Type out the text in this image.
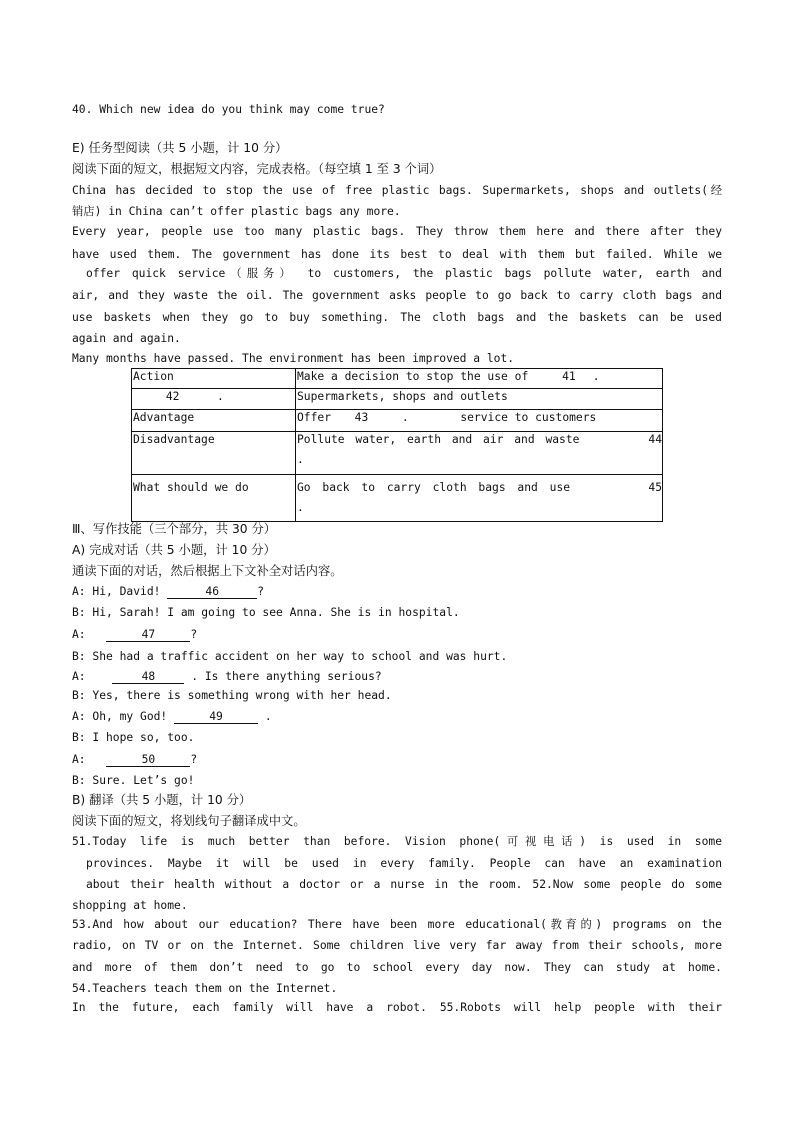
40. Which new idea do you think may come true?
E) 任务型阅读（共 5 小题，计 10 分）
阅读下面的短文，根据短文内容，完成表格。（每空填 1 至 3 个词）
China has decided to stop the use of free plastic bags. Supermarkets, shops and outlets(经
销店) in China can’t offer plastic bags any more.
Every year, people use too many plastic bags. They throw them here and there after they
have used them. The government has done its best to deal with them but failed. While we
offer quick service（服务） to customers, the plastic bags pollute water, earth and
air, and they waste the oil. The government asks people to go back to carry cloth bags and
use baskets when they go to buy something. The cloth bags and the baskets can be used
again and again.
Many months have passed. The environment has been improved a lot.
Action	Make a decision to stop the use of 41 .
42 .	Supermarkets, shops and outlets
Advantage	Offer 43 . service to customers
Disadvantage	Pollute water, earth and air and waste 44
.

What should we do	Go back to carry cloth bags and use 45
.
Ⅲ、写作技能（三个部分，共 30 分）
A) 完成对话（共 5 小题，计 10 分）
通读下面的对话，然后根据上下文补全对话内容。
A: Hi, David!	46	?
B: Hi, Sarah! I am going to see Anna. She is in hospital.
A:	47	?
B: She had a traffic accident on her way to school and was hurt.
A:	48	. Is there anything serious?
B: Yes, there is something wrong with her head.
A: Oh, my God!	49	.
B: I hope so, too.
A:	50	?
B: Sure. Let’s go!
B) 翻译（共 5 小题，计 10 分）
阅读下面的短文，将划线句子翻译成中文。
51.Today life is much better than before. Vision phone(可视电话) is used in some
provinces. Maybe it will be used in every family. People can have an examination
about their health without a doctor or a nurse in the room. 52.Now some people do some
shopping at home.
53.And how about our education? There have been more educational(教育的) programs on the
radio, on TV or on the Internet. Some children live very far away from their schools, more
and more of them don’t need to go to school every day now. They can study at home.
54.Teachers teach them on the Internet.
In the future, each family will have a robot. 55.Robots will help people with their
